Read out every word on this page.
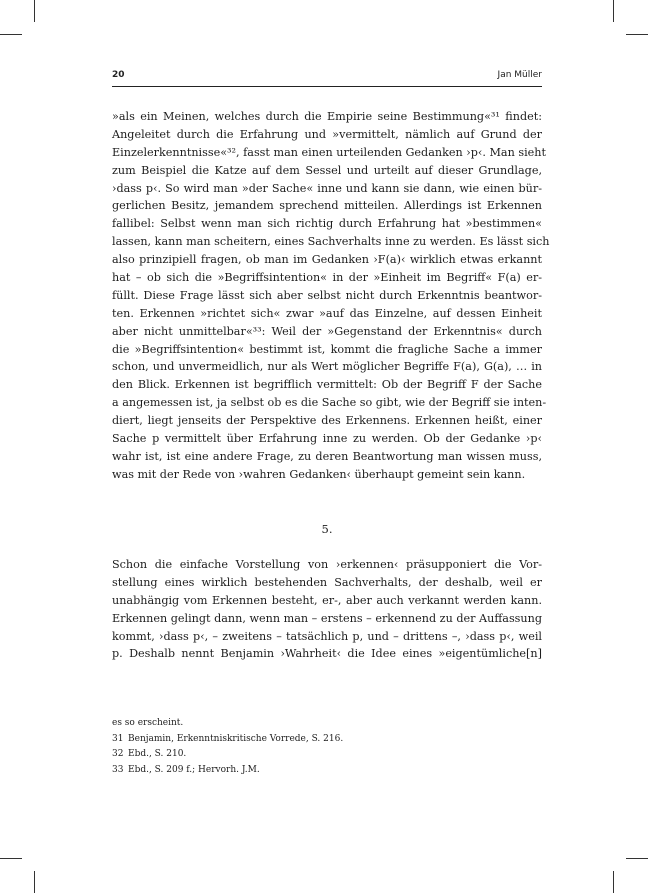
20	Jan Müller
»als ein Meinen, welches durch die Empirie seine Bestimmung«³¹ findet:
Angeleitet durch die Erfahrung und »vermittelt, nämlich auf Grund der
Einzelerkenntnisse«³², fasst man einen urteilenden Gedanken ›p‹. Man sieht
zum Beispiel die Katze auf dem Sessel und urteilt auf dieser Grundlage,
›dass p‹. So wird man »der Sache« inne und kann sie dann, wie einen bür-
gerlichen Besitz, jemandem sprechend mitteilen. Allerdings ist Erkennen
fallibel: Selbst wenn man sich richtig durch Erfahrung hat »bestimmen«
lassen, kann man scheitern, eines Sachverhalts inne zu werden. Es lässt sich
also prinzipiell fragen, ob man im Gedanken ›F(a)‹ wirklich etwas erkannt
hat – ob sich die »Begriffsintention« in der »Einheit im Begriff« F(a) er-
füllt. Diese Frage lässt sich aber selbst nicht durch Erkenntnis beantwor-
ten. Erkennen »richtet sich« zwar »auf das Einzelne, auf dessen Einheit
aber nicht unmittelbar«³³: Weil der »Gegenstand der Erkenntnis« durch
die »Begriffsintention« bestimmt ist, kommt die fragliche Sache a immer
schon, und unvermeidlich, nur als Wert möglicher Begriffe F(a), G(a), … in
den Blick. Erkennen ist begrifflich vermittelt: Ob der Begriff F der Sache
a angemessen ist, ja selbst ob es die Sache so gibt, wie der Begriff sie inten-
diert, liegt jenseits der Perspektive des Erkennens. Erkennen heißt, einer
Sache p vermittelt über Erfahrung inne zu werden. Ob der Gedanke ›p‹
wahr ist, ist eine andere Frage, zu deren Beantwortung man wissen muss,
was mit der Rede von ›wahren Gedanken‹ überhaupt gemeint sein kann.
5.
Schon die einfache Vorstellung von ›erkennen‹ präsupponiert die Vor-
stellung eines wirklich bestehenden Sachverhalts, der deshalb, weil er
unabhängig vom Erkennen besteht, er-, aber auch verkannt werden kann.
Erkennen gelingt dann, wenn man – erstens – erkennend zu der Auffassung
kommt, ›dass p‹, – zweitens – tatsächlich p, und – drittens –, ›dass p‹, weil
p. Deshalb nennt Benjamin ›Wahrheit‹ die Idee eines »eigentümliche[n]
es so erscheint.
31 Benjamin, Erkenntniskritische Vorrede, S. 216.
32 Ebd., S. 210.
33 Ebd., S. 209 f.; Hervorh. J.M.
